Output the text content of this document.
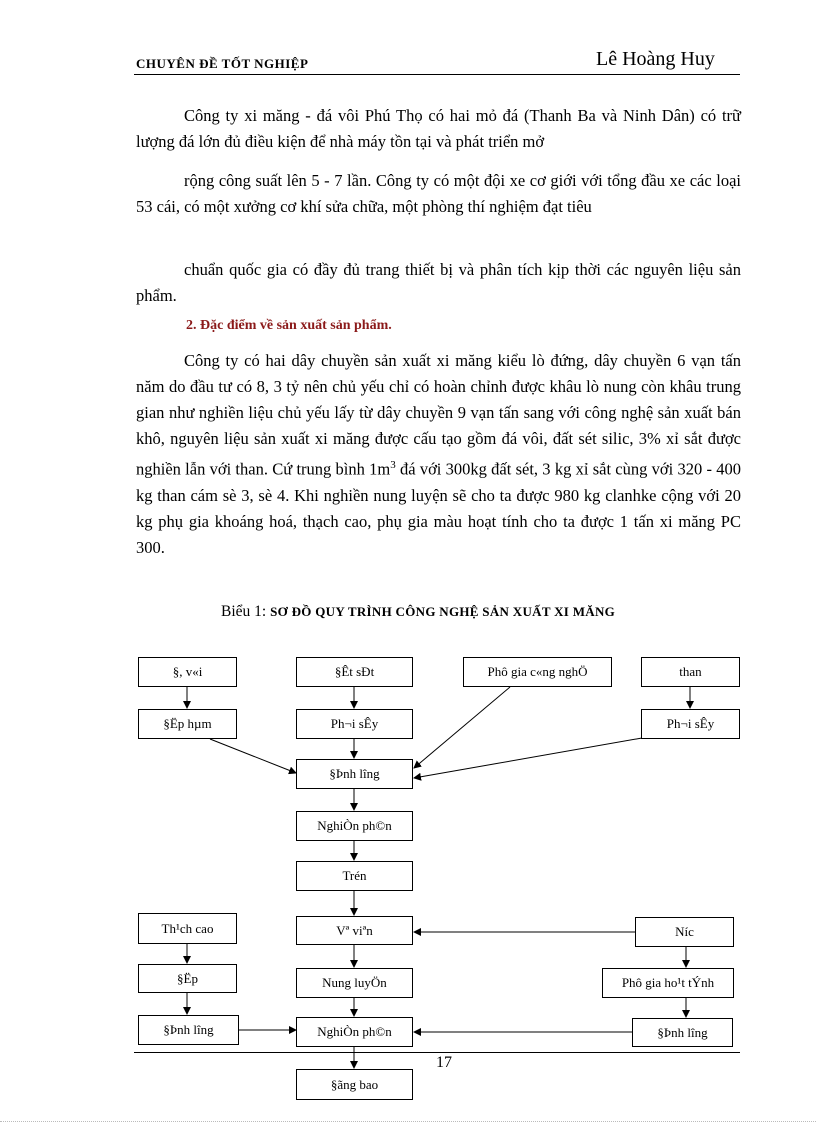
CHUYÊN ĐỀ TỐT NGHIỆP	Lê Hoàng Huy
Công ty xi măng - đá vôi Phú Thọ có hai mỏ đá (Thanh Ba và Ninh Dân) có trữ lượng đá lớn đủ điều kiện để nhà máy tồn tại và phát triển mở
rộng công suất lên 5 - 7 lần. Công ty có một đội xe cơ giới với tổng đầu xe các loại 53 cái, có một xưởng cơ khí sửa chữa, một phòng thí nghiệm đạt tiêu
chuẩn quốc gia có đầy đủ trang thiết bị và phân tích kịp thời các nguyên liệu sản phẩm.
2. Đặc điểm về sản xuất sản phẩm.
Công ty có hai dây chuyền sản xuất xi măng kiểu lò đứng, dây chuyền 6 vạn tấn năm do đầu tư có 8, 3 tỷ nên chủ yếu chỉ có hoàn chỉnh được khâu lò nung còn khâu trung gian như nghiền liệu chủ yếu lấy từ dây chuyền 9 vạn tấn sang với công nghệ sản xuất bán khô, nguyên liệu sản xuất xi măng được cấu tạo gồm đá vôi, đất sét silic, 3% xỉ sắt được nghiền lẫn với than. Cứ trung bình $1m^3$ đá với 300kg đất sét, 3 kg xỉ sắt cùng với 320 - 400 kg than cám sè 3, sè 4. Khi nghiền nung luyện sẽ cho ta được 980 kg clanhke cộng với 20 kg phụ gia khoáng hoá, thạch cao, phụ gia màu hoạt tính cho ta được 1 tấn xi măng PC 300.
Biểu 1: SƠ ĐỒ QUY TRÌNH CÔNG NGHỆ SẢN XUẤT XI MĂNG
§, v«i	§Êt sÐt	Phô gia c«ng nghÖ	than
§Ëp hµm	Ph¬i sÊy	Ph¬i sÊy
§Þnh lîng
NghiÒn ph©n
Trén
Vª viªn	Níc
Th¹ch cao
§Ëp	Nung luyÖn	Phô gia ho¹t tÝnh
§Þnh lîng	NghiÒn ph©n	§Þnh lîng
17
§ãng bao
